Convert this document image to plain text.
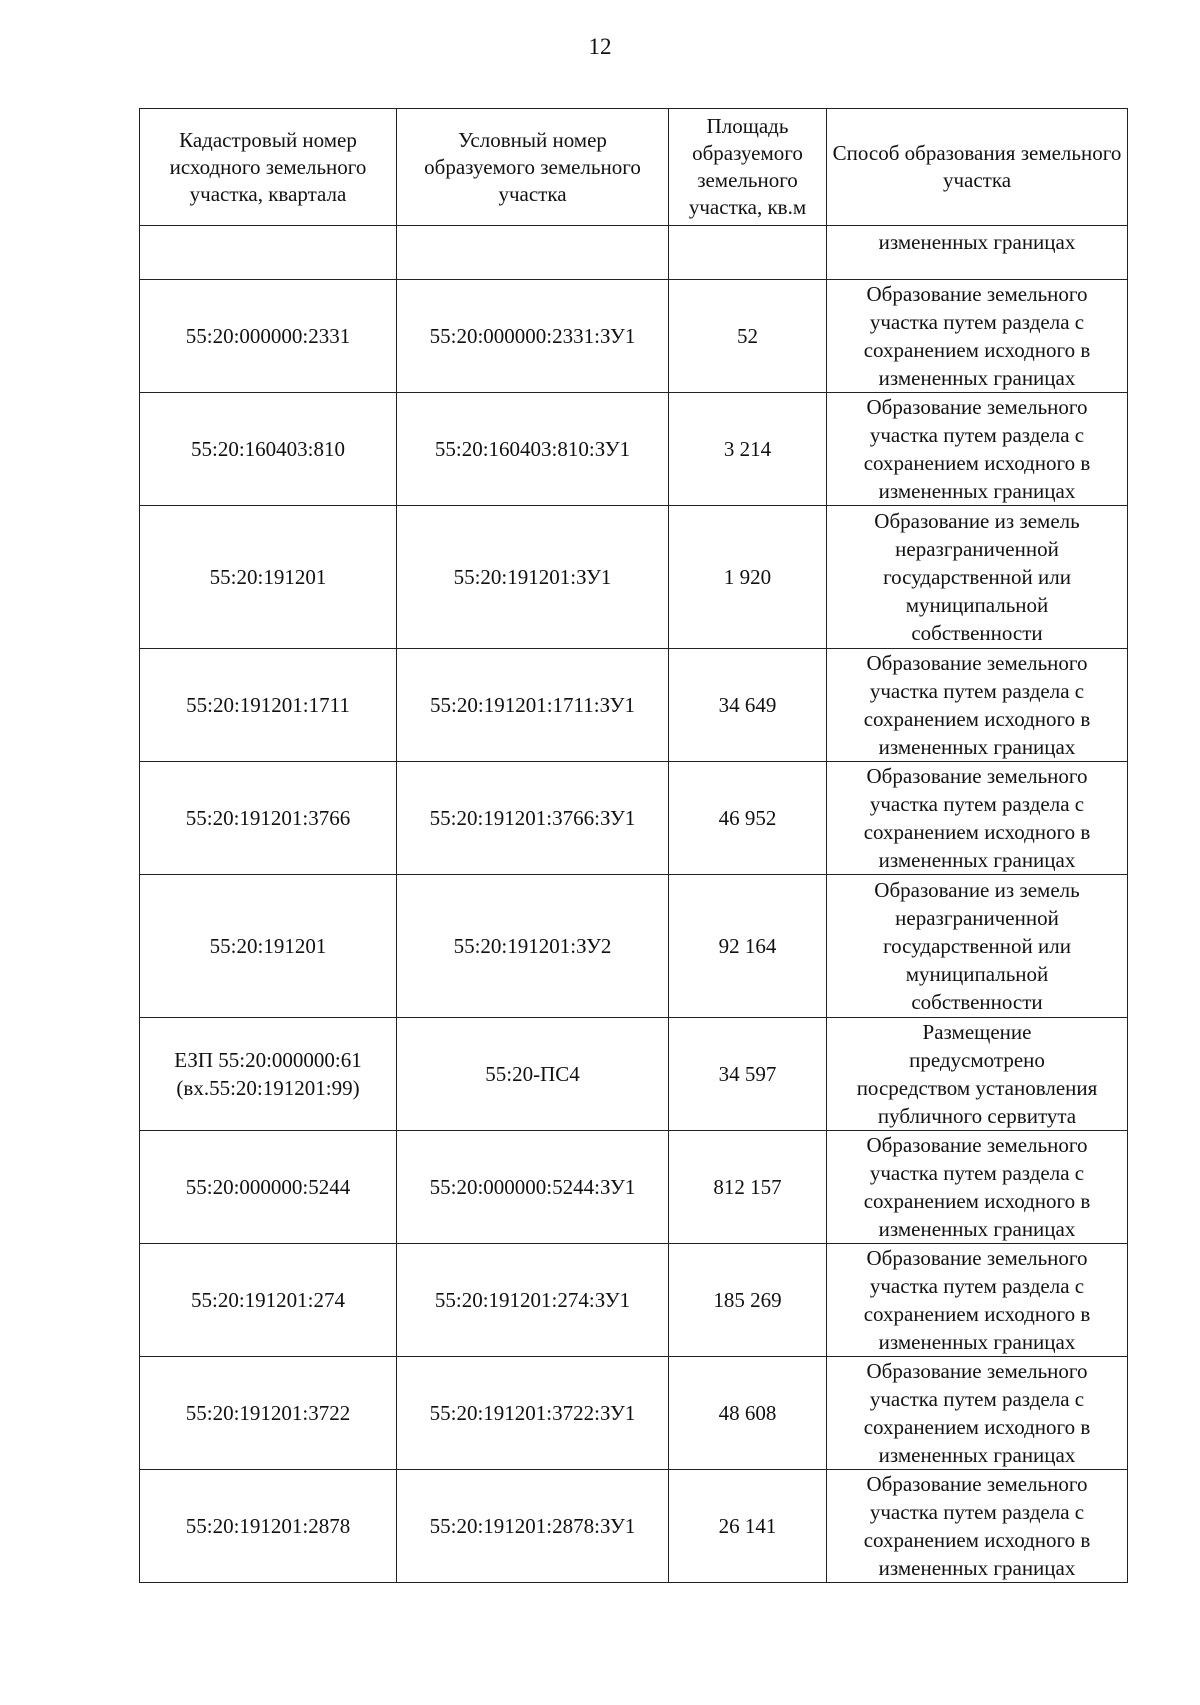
12
Кадастровый номер исходного земельного участка, квартала	Условный номер образуемого земельного участка	Площадь образуемого земельного участка, кв.м	Способ образования земельного участка
			измененных границах
55:20:000000:2331	55:20:000000:2331:ЗУ1	52	Образование земельного
участка путем раздела с
сохранением исходного в
измененных границах

55:20:160403:810	55:20:160403:810:ЗУ1	3 214	Образование земельного
участка путем раздела с
сохранением исходного в
измененных границах

55:20:191201	55:20:191201:ЗУ1	1 920	Образование из земель
неразграниченной
государственной или
муниципальной
собственности

55:20:191201:1711	55:20:191201:1711:ЗУ1	34 649	Образование земельного
участка путем раздела с
сохранением исходного в
измененных границах

55:20:191201:3766	55:20:191201:3766:ЗУ1	46 952	Образование земельного
участка путем раздела с
сохранением исходного в
измененных границах

55:20:191201	55:20:191201:ЗУ2	92 164	Образование из земель
неразграниченной
государственной или
муниципальной
собственности

ЕЗП 55:20:000000:61
(вх.55:20:191201:99)	55:20-ПС4	34 597	Размещение
предусмотрено
посредством установления
публичного сервитута

55:20:000000:5244	55:20:000000:5244:ЗУ1	812 157	Образование земельного
участка путем раздела с
сохранением исходного в
измененных границах

55:20:191201:274	55:20:191201:274:ЗУ1	185 269	Образование земельного
участка путем раздела с
сохранением исходного в
измененных границах

55:20:191201:3722	55:20:191201:3722:ЗУ1	48 608	Образование земельного
участка путем раздела с
сохранением исходного в
измененных границах

55:20:191201:2878	55:20:191201:2878:ЗУ1	26 141	Образование земельного
участка путем раздела с
сохранением исходного в
измененных границах
